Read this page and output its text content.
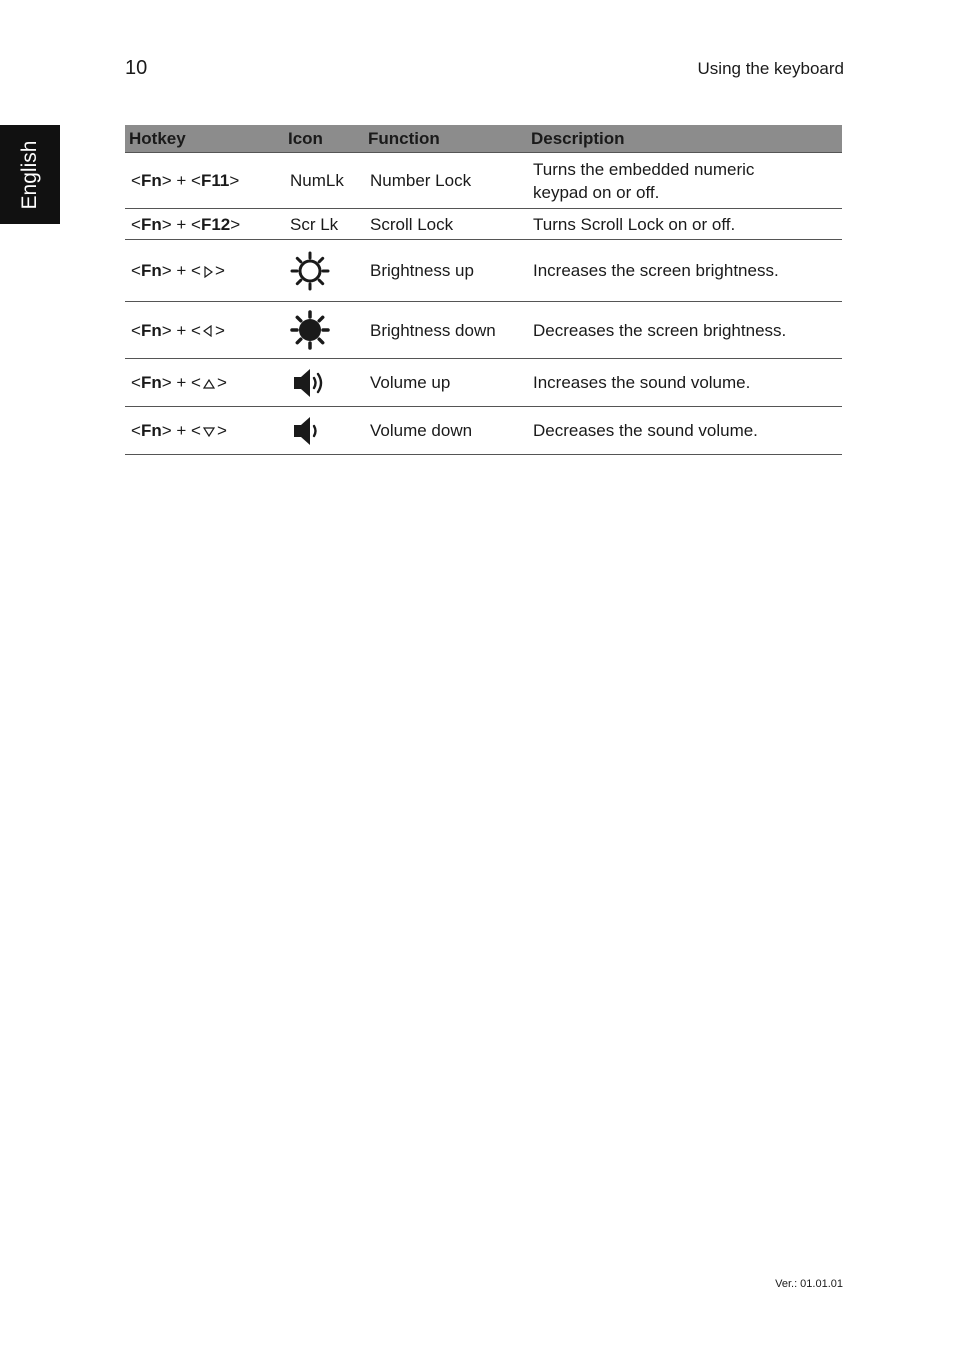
10	Using the keyboard
English
Hotkey	Icon	Function	Description
<Fn> + <F11>	NumLk	Number Lock	Turns the embedded numeric
keypad on or off.
<Fn> + <F12>	Scr Lk	Scroll Lock	Turns Scroll Lock on or off.
<Fn> + < >		Brightness up	Increases the screen brightness.
<Fn> + < >		Brightness down	Decreases the screen brightness.
<Fn> + < >		Volume up	Increases the sound volume.
<Fn> + < >		Volume down	Decreases the sound volume.
Ver.: 01.01.01
